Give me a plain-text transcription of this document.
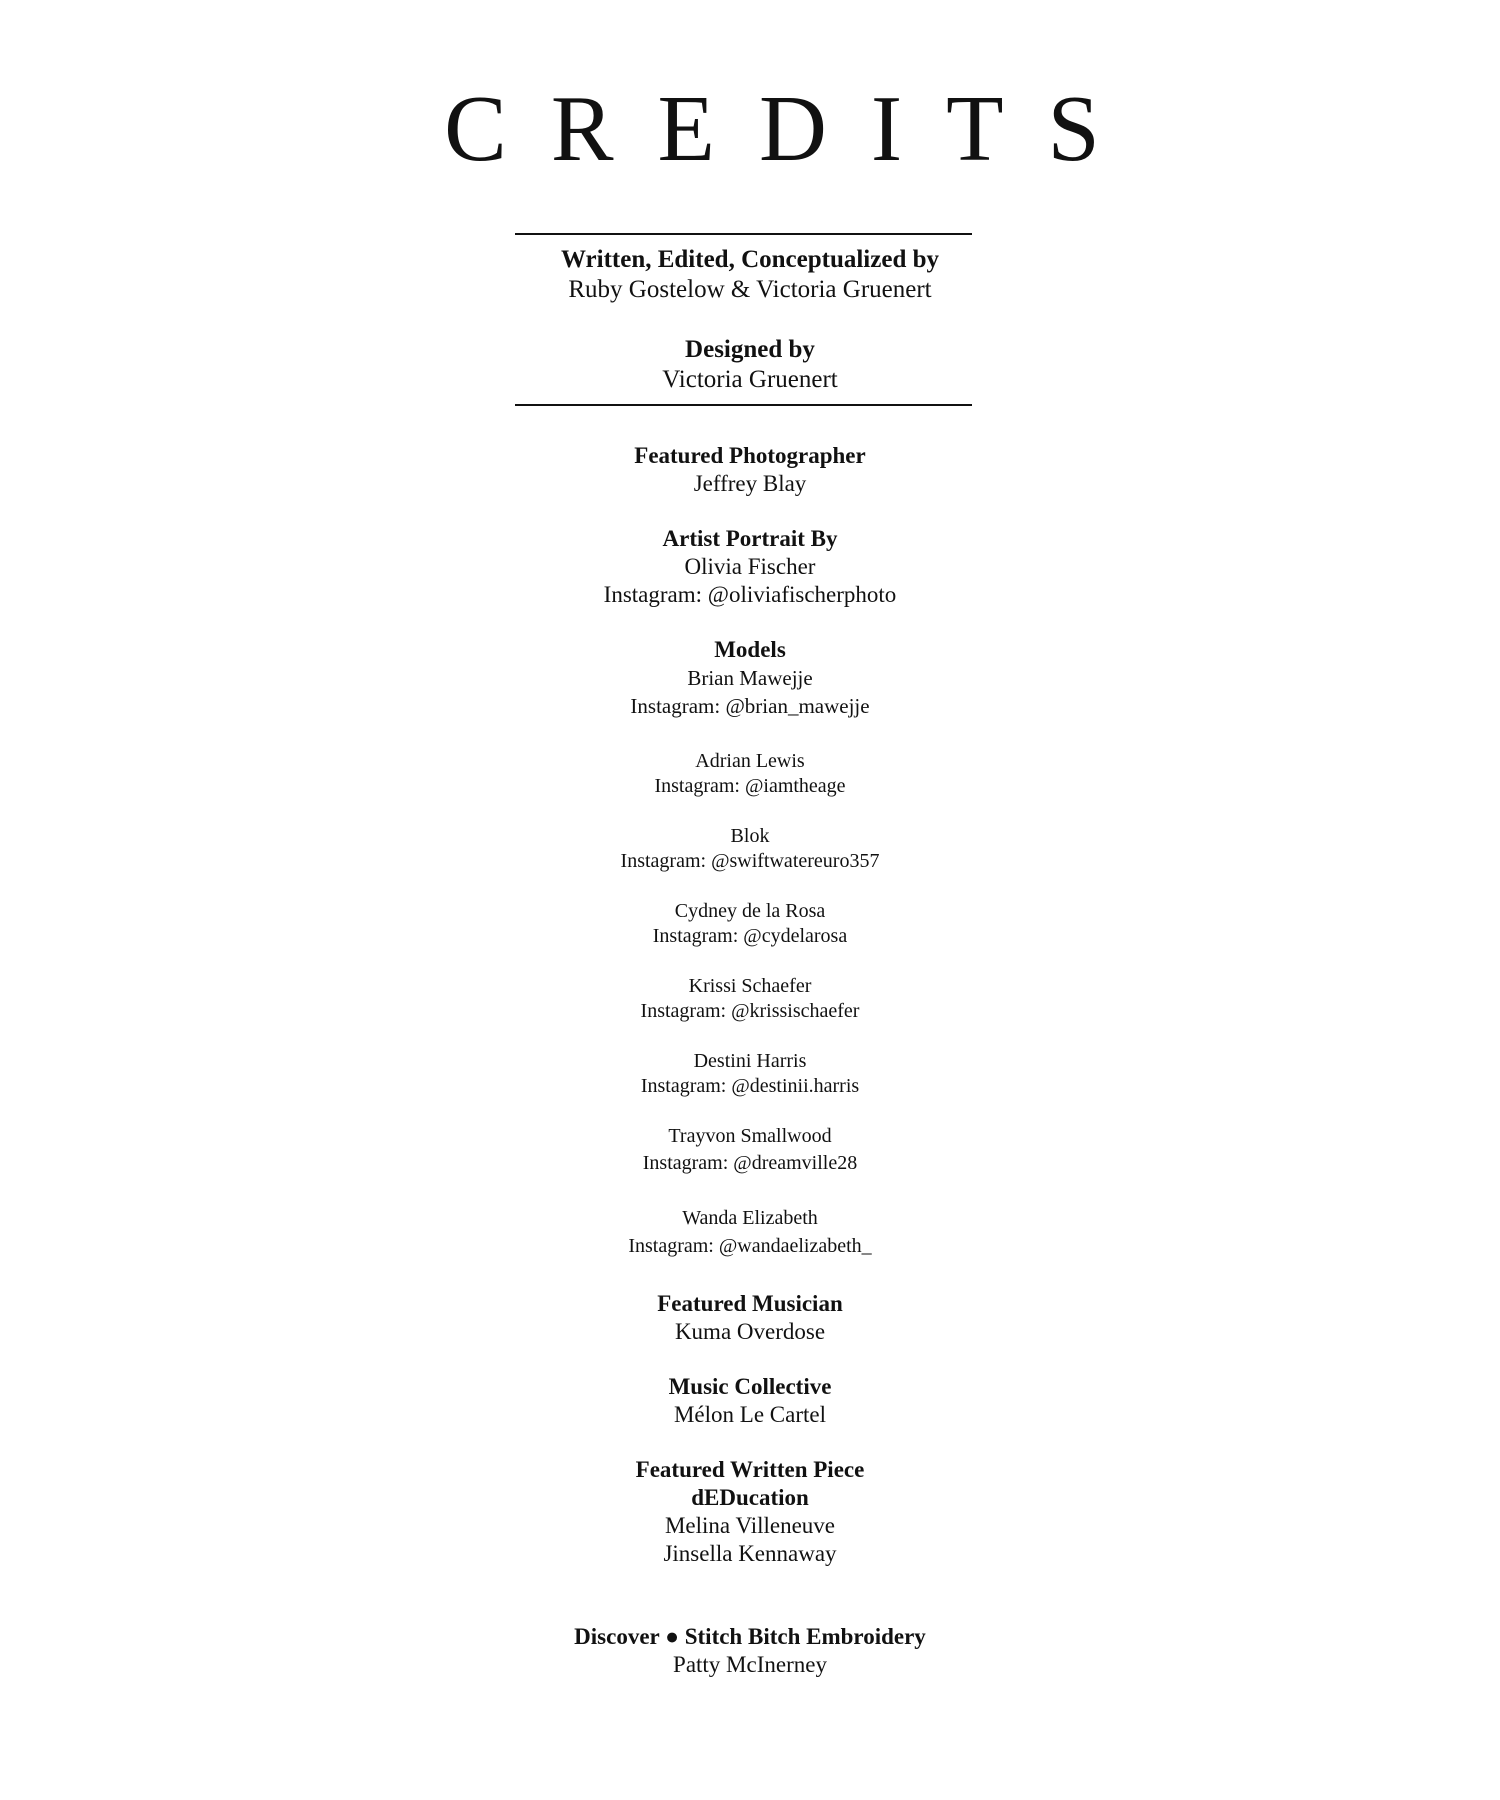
CREDITS
Written, Edited, Conceptualized by
Ruby Gostelow & Victoria Gruenert
Designed by
Victoria Gruenert
Featured Photographer
Jeffrey Blay
Artist Portrait By
Olivia Fischer
Instagram: @oliviafischerphoto
Models
Brian Mawejje
Instagram: @brian_mawejje
Adrian Lewis
Instagram: @iamtheage
Blok
Instagram: @swiftwatereuro357
Cydney de la Rosa
Instagram: @cydelarosa
Krissi Schaefer
Instagram: @krissischaefer
Destini Harris
Instagram: @destinii.harris
Trayvon Smallwood
Instagram: @dreamville28
Wanda Elizabeth
Instagram: @wandaelizabeth_
Featured Musician
Kuma Overdose
Music Collective
Mélon Le Cartel
Featured Written Piece
dEDucation
Melina Villeneuve
Jinsella Kennaway
Discover ● Stitch Bitch Embroidery
Patty McInerney
